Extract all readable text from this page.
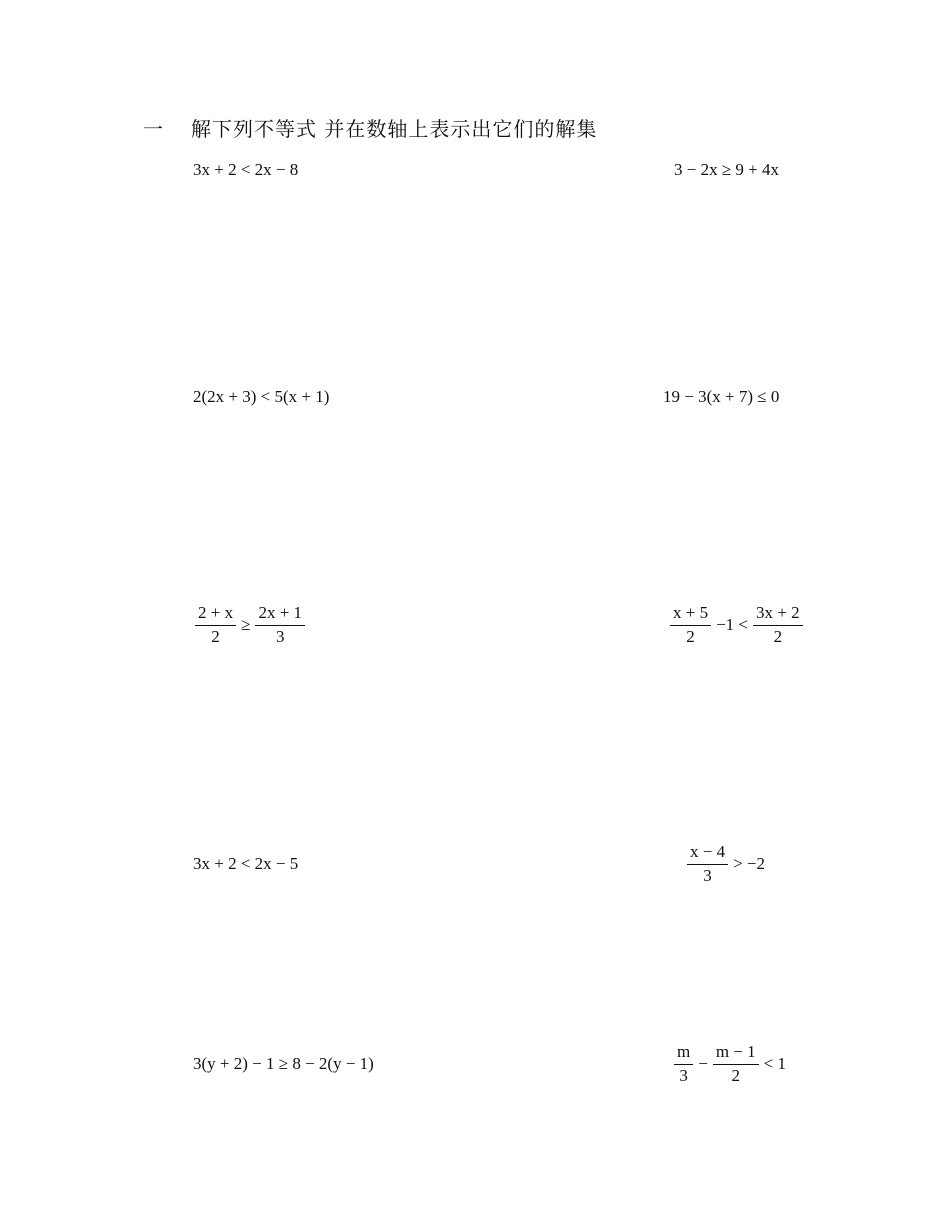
一 解下列不等式 并在数轴上表示出它们的解集
3x + 2 < 2x − 8	3 − 2x ≥ 9 + 4x
2(2x + 3) < 5(x + 1)	19 − 3(x + 7) ≤ 0
$\frac{2 + x}{2} \ge \frac{2x + 1}{3}$	$\frac{x + 5}{2} -1 < \frac{3x + 2}{2}$
3x + 2 < 2x − 5	$\frac{x - 4}{3} > -2$
3(y + 2) − 1 ≥ 8 − 2(y − 1)	$\frac{m}{3} - \frac{m - 1}{2} < 1$
